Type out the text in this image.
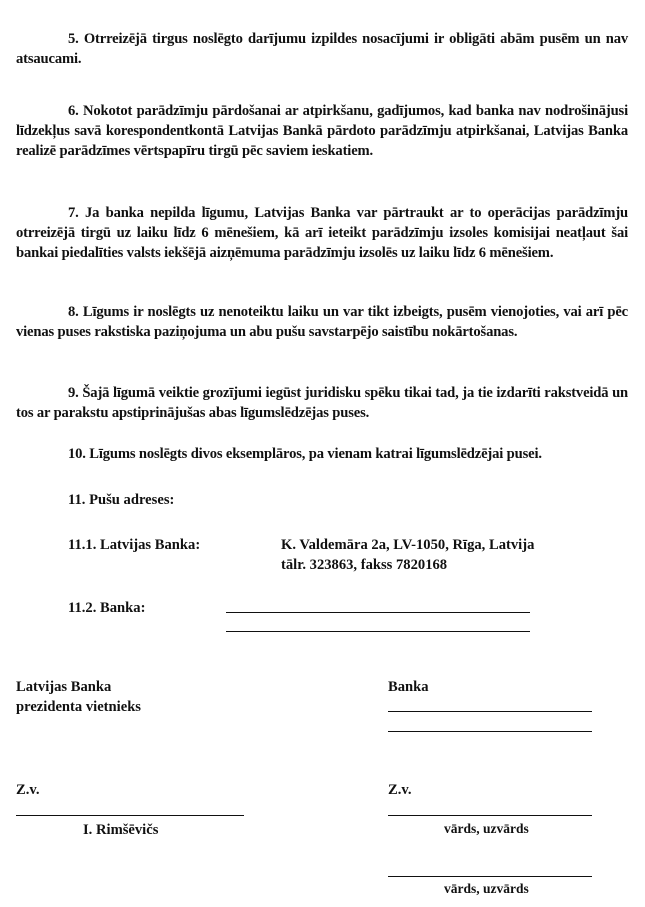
5. Otrreizējā tirgus noslēgto darījumu izpildes nosacījumi ir obligāti abām pusēm un nav atsaucami.

6. Nokotot parādzīmju pārdošanai ar atpirkšanu, gadījumos, kad banka nav nodrošinājusi līdzekļus savā korespondentkontā Latvijas Bankā pārdoto parādzīmju atpirkšanai, Latvijas Banka realizē parādzīmes vērtspapīru tirgū pēc saviem ieskatiem.

7. Ja banka nepilda līgumu, Latvijas Banka var pārtraukt ar to operācijas parādzīmju otrreizējā tirgū uz laiku līdz 6 mēnešiem, kā arī ieteikt parādzīmju izsoles komisijai neatļaut šai bankai piedalīties valsts iekšējā aizņēmuma parādzīmju izsolēs uz laiku līdz 6 mēnešiem.

8. Līgums ir noslēgts uz nenoteiktu laiku un var tikt izbeigts, pusēm vienojoties, vai arī pēc vienas puses rakstiska paziņojuma un abu pušu savstarpējo saistību nokārtošanas.

9. Šajā līgumā veiktie grozījumi iegūst juridisku spēku tikai tad, ja tie izdarīti rakstveidā un tos ar parakstu apstiprinājušas abas līgumslēdzējas puses.

10. Līgums noslēgts divos eksemplāros, pa vienam katrai līgumslēdzējai pusei.

11. Pušu adreses:
11.1. Latvijas Banka:	K. Valdemāra 2a, LV-1050, Rīga, Latvija
tālr. 323863, fakss 7820168
11.2. Banka:
Latvijas Banka
prezidenta vietnieks
Banka
Z.v.
I. Rimšēvičs
Z.v.
vārds, uzvārds
vārds, uzvārds
